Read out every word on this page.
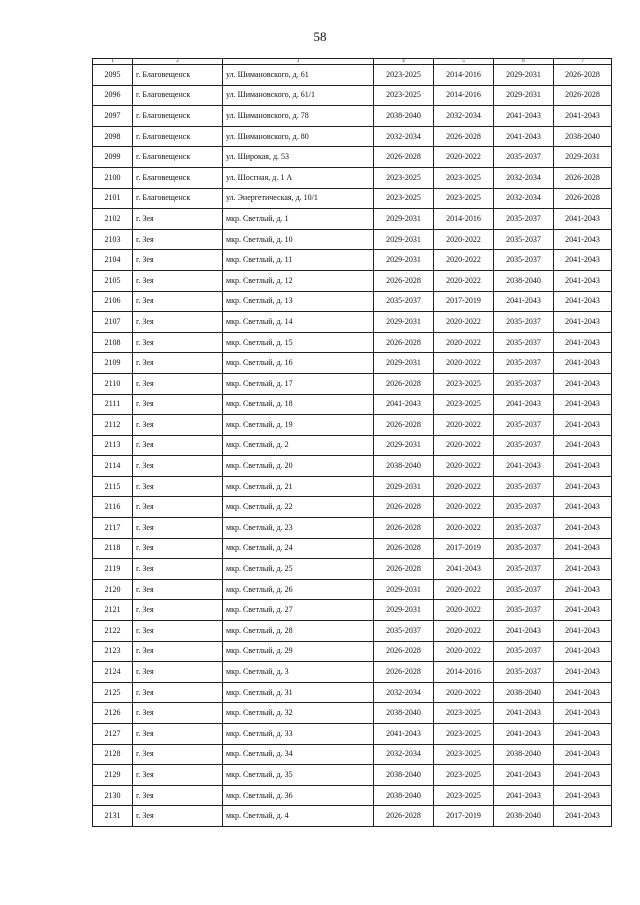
58
1	2	3	4	5	6	7
2095	г. Благовещенск	ул. Шимановского, д. 61	2023-2025	2014-2016	2029-2031	2026-2028
2096	г. Благовещенск	ул. Шимановского, д. 61/1	2023-2025	2014-2016	2029-2031	2026-2028
2097	г. Благовещенск	ул. Шимановского, д. 78	2038-2040	2032-2034	2041-2043	2041-2043
2098	г. Благовещенск	ул. Шимановского, д. 80	2032-2034	2026-2028	2041-2043	2038-2040
2099	г. Благовещенск	ул. Широкая, д. 53	2026-2028	2020-2022	2035-2037	2029-2031
2100	г. Благовещенск	ул. Шосгная, д. 1 А	2023-2025	2023-2025	2032-2034	2026-2028
2101	г. Благовещенск	ул. Энергетическая, д. 10/1	2023-2025	2023-2025	2032-2034	2026-2028
2102	г. Зея	мкр. Светлый, д. 1	2029-2031	2014-2016	2035-2037	2041-2043
2103	г. Зея	мкр. Светлый, д. 10	2029-2031	2020-2022	2035-2037	2041-2043
2104	г. Зея	мкр. Светлый, д. 11	2029-2031	2020-2022	2035-2037	2041-2043
2105	г. Зея	мкр. Светлый, д. 12	2026-2028	2020-2022	2038-2040	2041-2043
2106	г. Зея	мкр. Светлый, д. 13	2035-2037	2017-2019	2041-2043	2041-2043
2107	г. Зея	мкр. Светлый, д. 14	2029-2031	2020-2022	2035-2037	2041-2043
2108	г. Зея	мкр. Светлый, д. 15	2026-2028	2020-2022	2035-2037	2041-2043
2109	г. Зея	мкр. Светлый, д. 16	2029-2031	2020-2022	2035-2037	2041-2043
2110	г. Зея	мкр. Светлый, д. 17	2026-2028	2023-2025	2035-2037	2041-2043
2111	г. Зея	мкр. Светлый, д. 18	2041-2043	2023-2025	2041-2043	2041-2043
2112	г. Зея	мкр. Светлый, д. 19	2026-2028	2020-2022	2035-2037	2041-2043
2113	г. Зея	мкр. Светлый, д. 2	2029-2031	2020-2022	2035-2037	2041-2043
2114	г. Зея	мкр. Светлый, д. 20	2038-2040	2020-2022	2041-2043	2041-2043
2115	г. Зея	мкр. Светлый, д. 21	2029-2031	2020-2022	2035-2037	2041-2043
2116	г. Зея	мкр. Светлый, д. 22	2026-2028	2020-2022	2035-2037	2041-2043
2117	г. Зея	мкр. Светлый, д. 23	2026-2028	2020-2022	2035-2037	2041-2043
2118	г. Зея	мкр. Светлый, д. 24	2026-2028	2017-2019	2035-2037	2041-2043
2119	г. Зея	мкр. Светлый, д. 25	2026-2028	2041-2043	2035-2037	2041-2043
2120	г. Зея	мкр. Светлый, д. 26	2029-2031	2020-2022	2035-2037	2041-2043
2121	г. Зея	мкр. Светлый, д. 27	2029-2031	2020-2022	2035-2037	2041-2043
2122	г. Зея	мкр. Светлый, д. 28	2035-2037	2020-2022	2041-2043	2041-2043
2123	г. Зея	мкр. Светлый, д. 29	2026-2028	2020-2022	2035-2037	2041-2043
2124	г. Зея	мкр. Светлый, д. 3	2026-2028	2014-2016	2035-2037	2041-2043
2125	г. Зея	мкр. Светлый, д. 31	2032-2034	2020-2022	2038-2040	2041-2043
2126	г. Зея	мкр. Светлый, д. 32	2038-2040	2023-2025	2041-2043	2041-2043
2127	г. Зея	мкр. Светлый, д. 33	2041-2043	2023-2025	2041-2043	2041-2043
2128	г. Зея	мкр. Светлый, д. 34	2032-2034	2023-2025	2038-2040	2041-2043
2129	г. Зея	мкр. Светлый, д. 35	2038-2040	2023-2025	2041-2043	2041-2043
2130	г. Зея	мкр. Светлый, д. 36	2038-2040	2023-2025	2041-2043	2041-2043
2131	г. Зея	мкр. Светлый, д. 4	2026-2028	2017-2019	2038-2040	2041-2043
